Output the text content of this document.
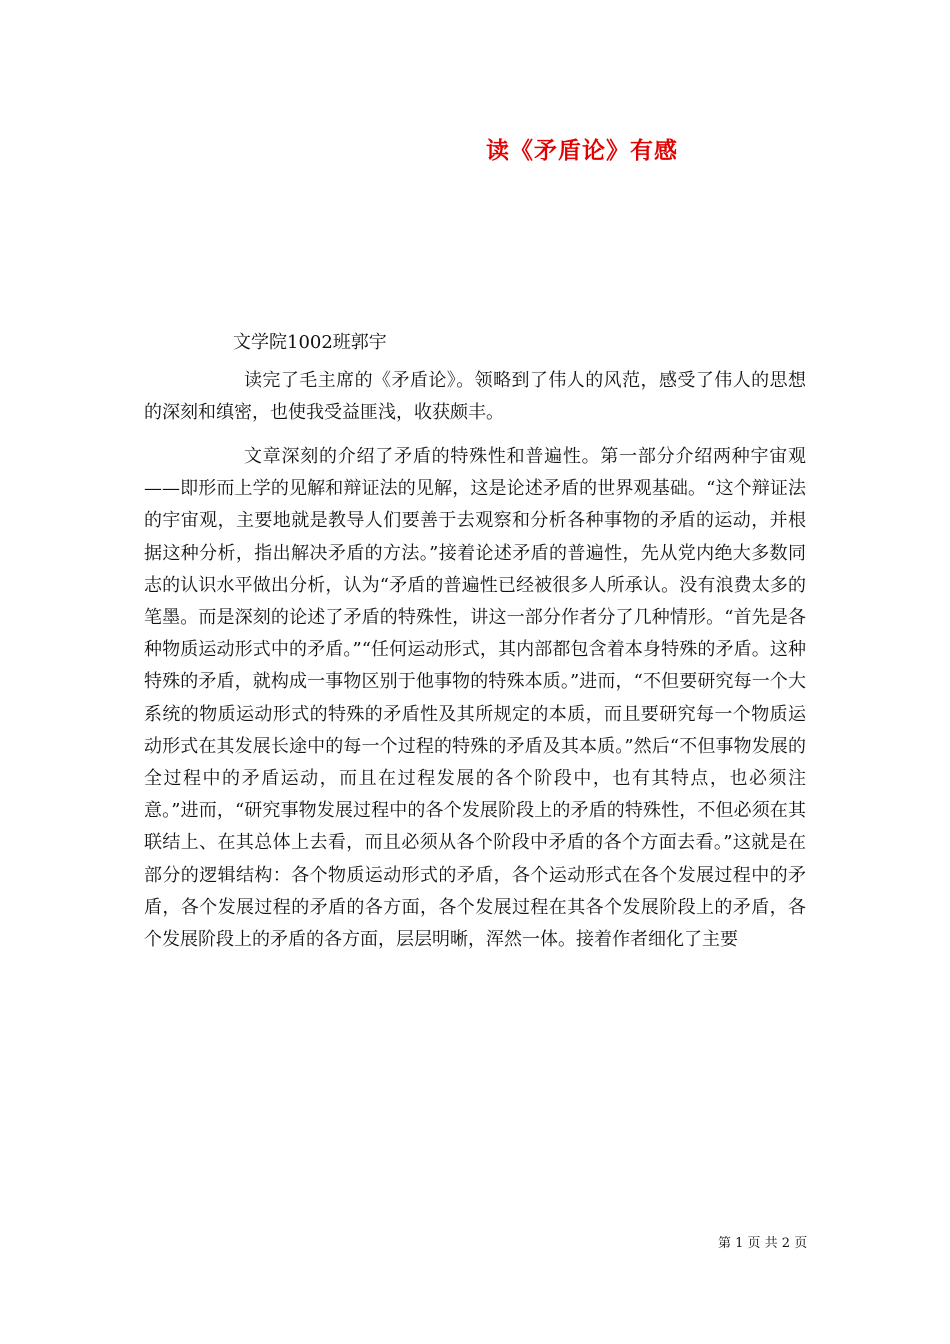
读《矛盾论》有感
文学院1002班郭宇

读完了毛主席的《矛盾论》。领略到了伟人的风范，感受了伟人的思想的深刻和缜密，也使我受益匪浅，收获颇丰。

文章深刻的介绍了矛盾的特殊性和普遍性。第一部分介绍两种宇宙观——即形而上学的见解和辩证法的见解，这是论述矛盾的世界观基础。“这个辩证法的宇宙观，主要地就是教导人们要善于去观察和分析各种事物的矛盾的运动，并根据这种分析，指出解决矛盾的方法。”接着论述矛盾的普遍性，先从党内绝大多数同志的认识水平做出分析，认为“矛盾的普遍性已经被很多人所承认。没有浪费太多的笔墨。而是深刻的论述了矛盾的特殊性，讲这一部分作者分了几种情形。“首先是各种物质运动形式中的矛盾。”“任何运动形式，其内部都包含着本身特殊的矛盾。这种特殊的矛盾，就构成一事物区别于他事物的特殊本质。”进而，“不但要研究每一个大系统的物质运动形式的特殊的矛盾性及其所规定的本质，而且要研究每一个物质运动形式在其发展长途中的每一个过程的特殊的矛盾及其本质。”然后“不但事物发展的全过程中的矛盾运动，而且在过程发展的各个阶段中，也有其特点，也必须注意。”进而，“研究事物发展过程中的各个发展阶段上的矛盾的特殊性，不但必须在其联结上、在其总体上去看，而且必须从各个阶段中矛盾的各个方面去看。”这就是在部分的逻辑结构：各个物质运动形式的矛盾，各个运动形式在各个发展过程中的矛盾，各个发展过程的矛盾的各方面，各个发展过程在其各个发展阶段上的矛盾，各个发展阶段上的矛盾的各方面，层层明晰，浑然一体。接着作者细化了主要

第 1 页 共 2 页
